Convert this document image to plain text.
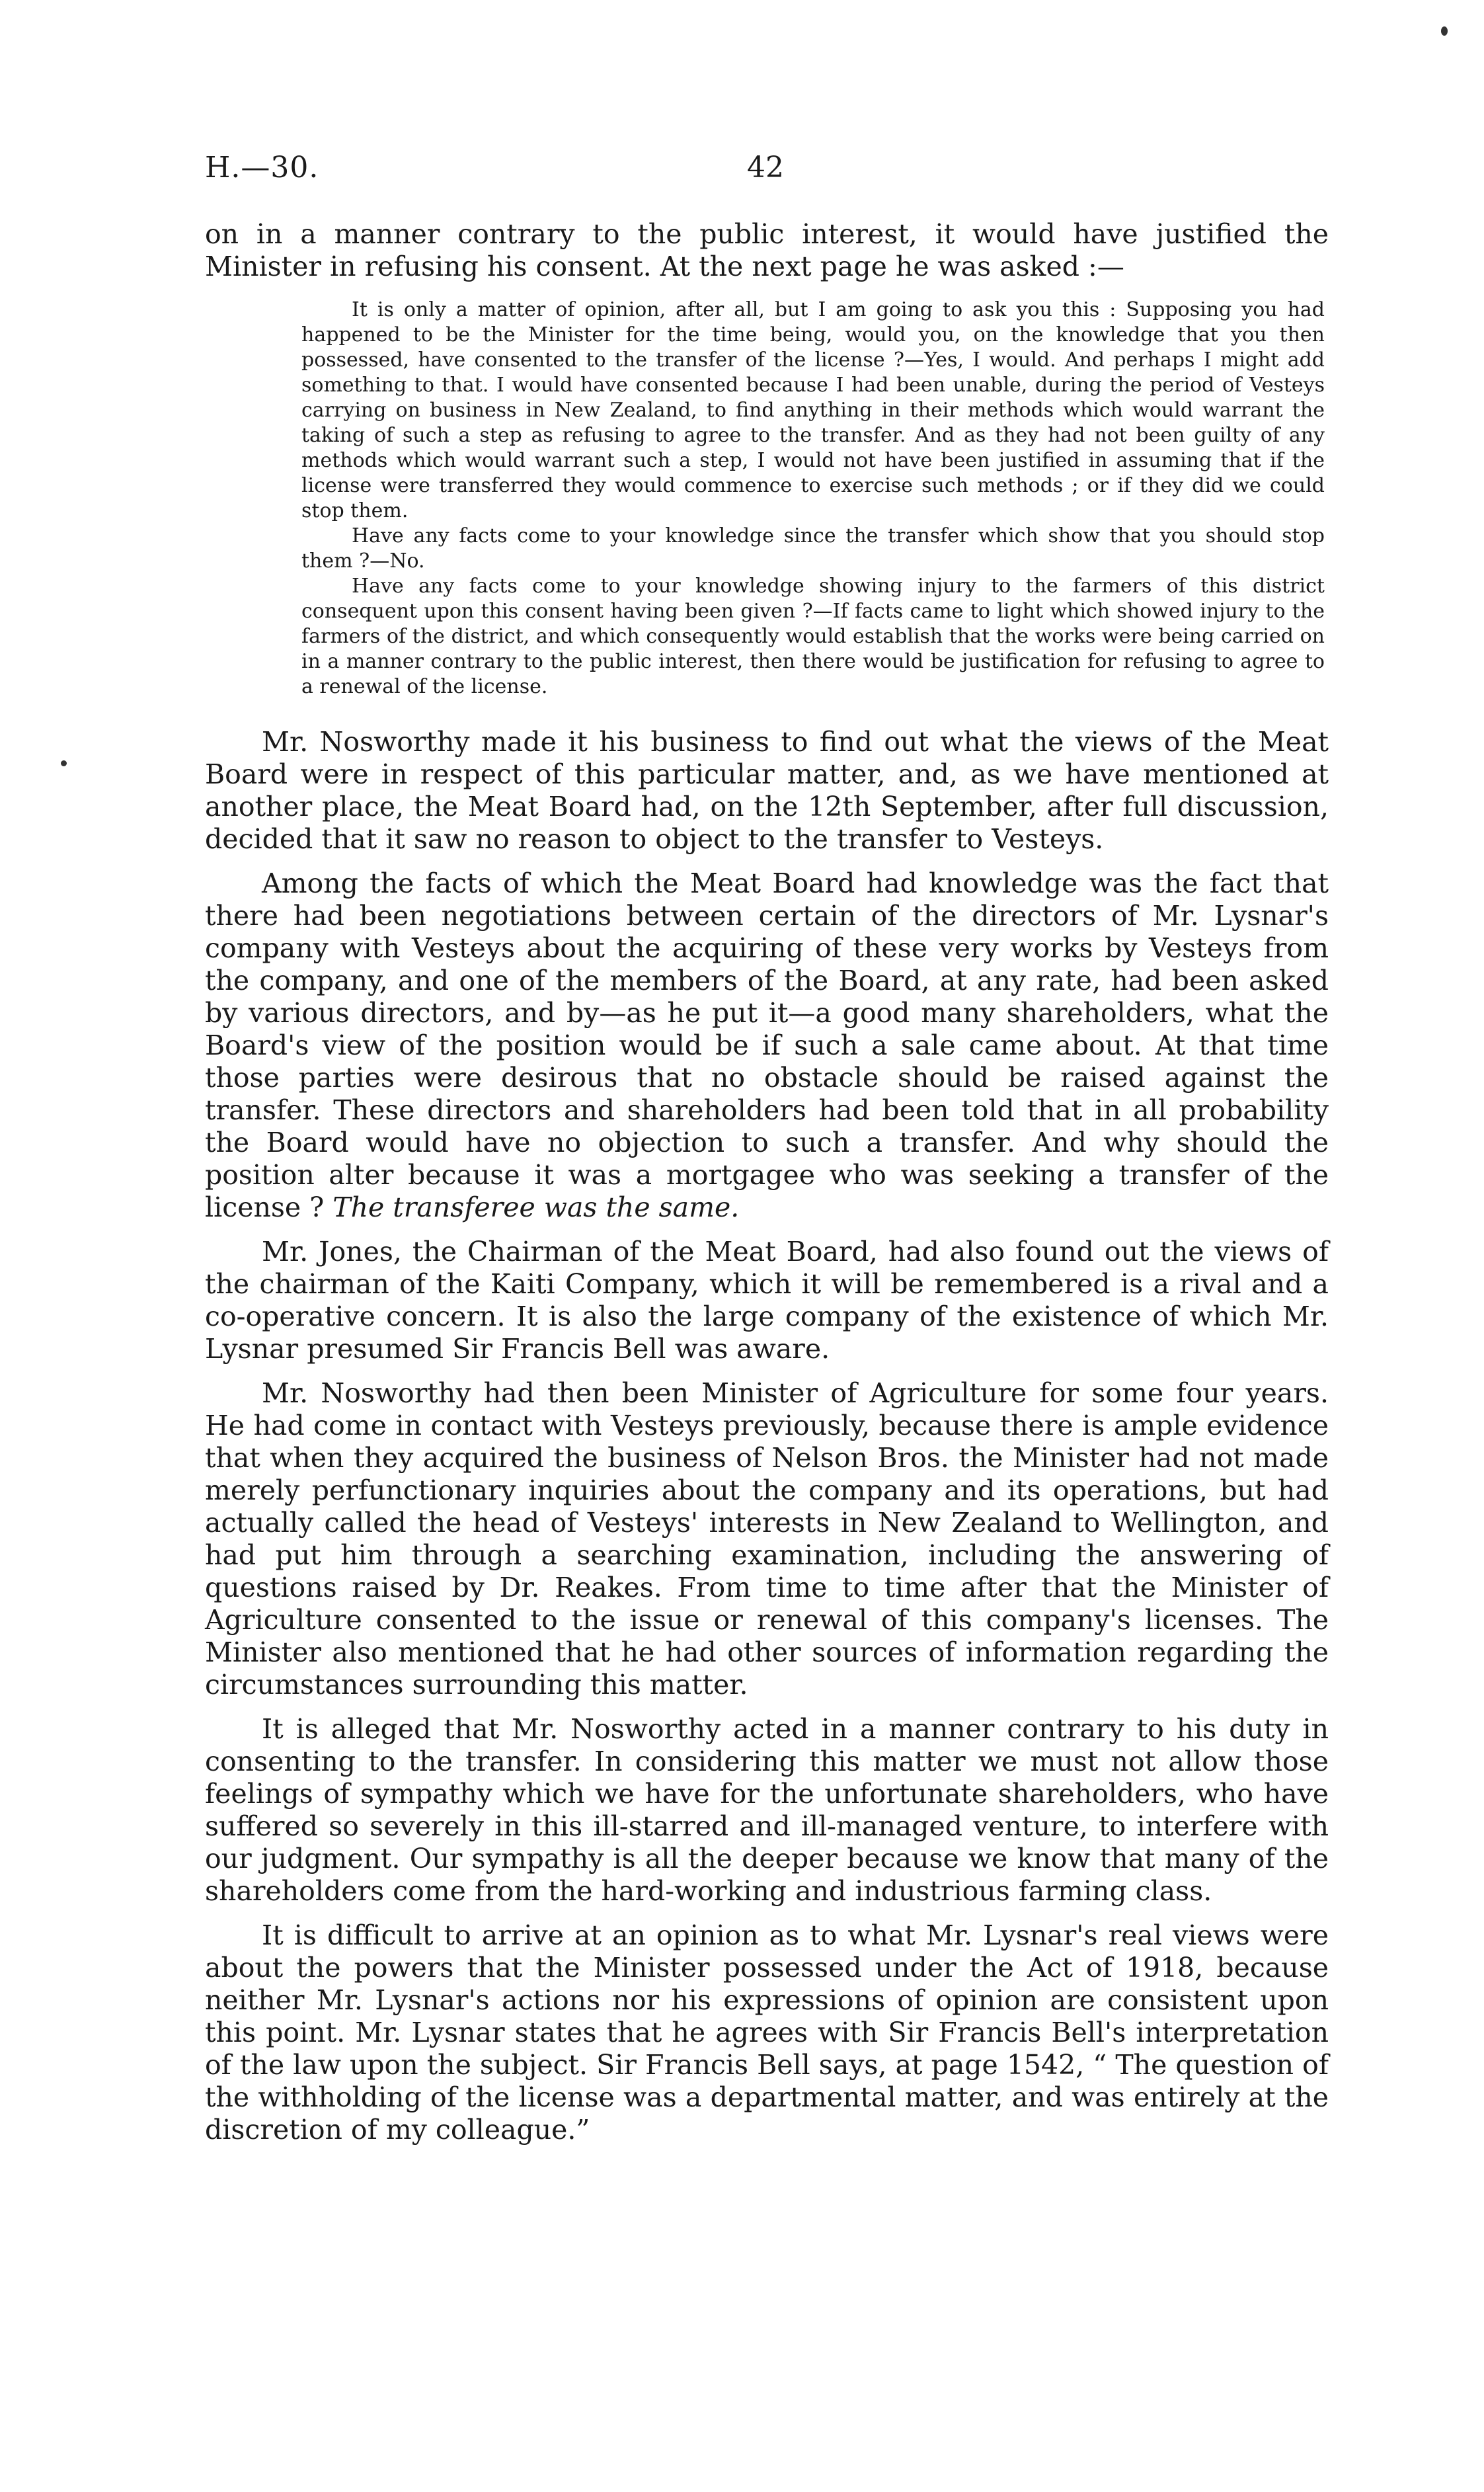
H.—30.	42

on in a manner contrary to the public interest, it would have justified the Minister in refusing his consent. At the next page he was asked :—

It is only a matter of opinion, after all, but I am going to ask you this : Supposing you had happened to be the Minister for the time being, would you, on the knowledge that you then possessed, have consented to the transfer of the license ?—Yes, I would. And perhaps I might add something to that. I would have consented because I had been unable, during the period of Vesteys carrying on business in New Zealand, to find anything in their methods which would warrant the taking of such a step as refusing to agree to the transfer. And as they had not been guilty of any methods which would warrant such a step, I would not have been justified in assuming that if the license were transferred they would commence to exercise such methods ; or if they did we could stop them.

Have any facts come to your knowledge since the transfer which show that you should stop them ?—No.

Have any facts come to your knowledge showing injury to the farmers of this district consequent upon this consent having been given ?—If facts came to light which showed injury to the farmers of the district, and which consequently would establish that the works were being carried on in a manner contrary to the public interest, then there would be justification for refusing to agree to a renewal of the license.

Mr. Nosworthy made it his business to find out what the views of the Meat Board were in respect of this particular matter, and, as we have mentioned at another place, the Meat Board had, on the 12th September, after full discussion, decided that it saw no reason to object to the transfer to Vesteys.

Among the facts of which the Meat Board had knowledge was the fact that there had been negotiations between certain of the directors of Mr. Lysnar's company with Vesteys about the acquiring of these very works by Vesteys from the company, and one of the members of the Board, at any rate, had been asked by various directors, and by—as he put it—a good many shareholders, what the Board's view of the position would be if such a sale came about. At that time those parties were desirous that no obstacle should be raised against the transfer. These directors and shareholders had been told that in all probability the Board would have no objection to such a transfer. And why should the position alter because it was a mortgagee who was seeking a transfer of the license ? The transferee was the same.

Mr. Jones, the Chairman of the Meat Board, had also found out the views of the chairman of the Kaiti Company, which it will be remembered is a rival and a co-operative concern. It is also the large company of the existence of which Mr. Lysnar presumed Sir Francis Bell was aware.

Mr. Nosworthy had then been Minister of Agriculture for some four years. He had come in contact with Vesteys previously, because there is ample evidence that when they acquired the business of Nelson Bros. the Minister had not made merely perfunctionary inquiries about the company and its operations, but had actually called the head of Vesteys' interests in New Zealand to Wellington, and had put him through a searching examination, including the answering of questions raised by Dr. Reakes. From time to time after that the Minister of Agriculture consented to the issue or renewal of this company's licenses. The Minister also mentioned that he had other sources of information regarding the circumstances surrounding this matter.

It is alleged that Mr. Nosworthy acted in a manner contrary to his duty in consenting to the transfer. In considering this matter we must not allow those feelings of sympathy which we have for the unfortunate shareholders, who have suffered so severely in this ill-starred and ill-managed venture, to interfere with our judgment. Our sympathy is all the deeper because we know that many of the shareholders come from the hard-working and industrious farming class.

It is difficult to arrive at an opinion as to what Mr. Lysnar's real views were about the powers that the Minister possessed under the Act of 1918, because neither Mr. Lysnar's actions nor his expressions of opinion are consistent upon this point. Mr. Lysnar states that he agrees with Sir Francis Bell's interpretation of the law upon the subject. Sir Francis Bell says, at page 1542, “ The question of the withholding of the license was a departmental matter, and was entirely at the discretion of my colleague.”
